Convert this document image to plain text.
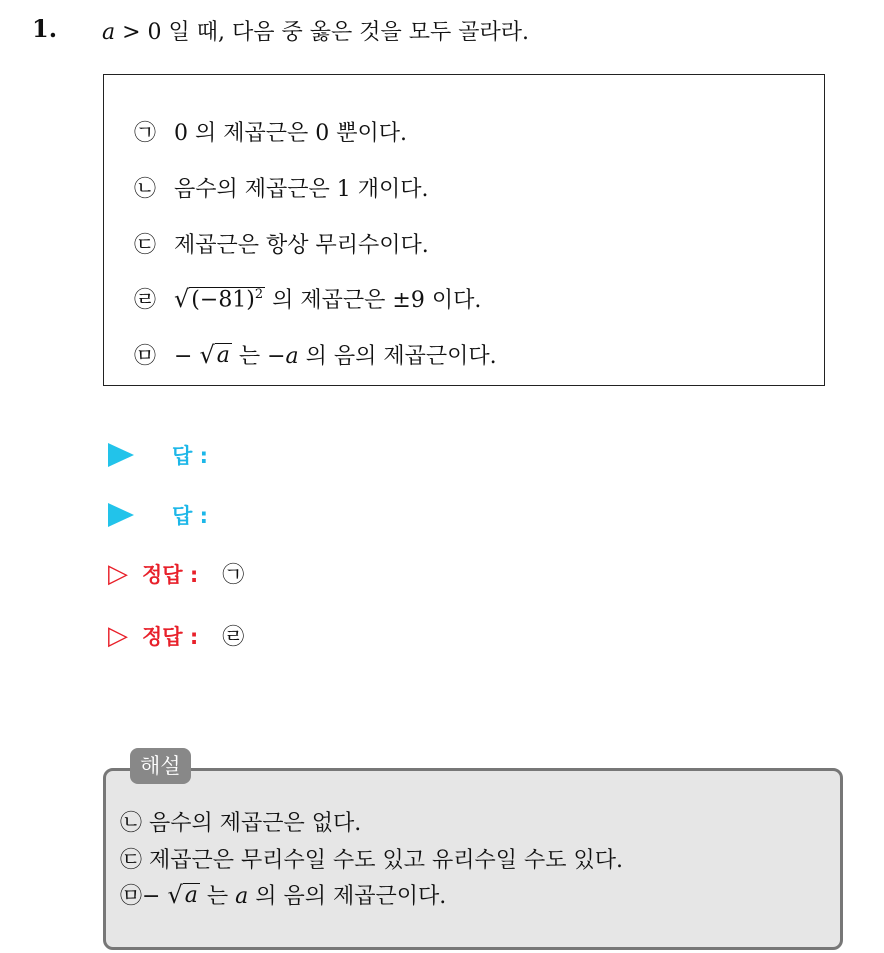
1. a > 0 일 때, 다음 중 옳은 것을 모두 골라라.
㉠ 0 의 제곱근은 0 뿐이다.
㉡ 음수의 제곱근은 1 개이다.
㉢ 제곱근은 항상 무리수이다.
㉣ √ $(-81)^2$ 의 제곱근은 ±9 이다.
㉤ − √ a 는 −a 의 음의 제곱근이다.
답 :
답 :
▷ 정답 : ㉠
▷ 정답 : ㉣
해설
㉡ 음수의 제곱근은 없다.
㉢ 제곱근은 무리수일 수도 있고 유리수일 수도 있다.
㉤− √ a 는 a 의 음의 제곱근이다.
